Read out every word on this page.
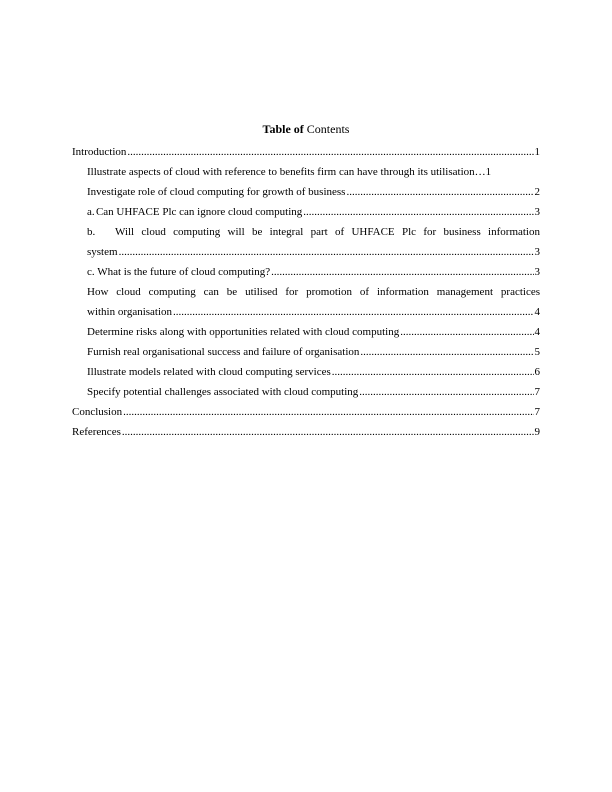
Table of Contents
Introduction .....	1
Illustrate aspects of cloud with reference to benefits firm can have through its utilisation … 1
Investigate role of cloud computing for growth of business .....	2
a. Can UHFACE Plc can ignore cloud computing .....	3
b. Will cloud computing will be integral part of UHFACE Plc for business information
system .....	3
c. What is the future of cloud computing? .....	3
How cloud computing can be utilised for promotion of information management practices
within organisation .....	4
Determine risks along with opportunities related with cloud computing .....	4
Furnish real organisational success and failure of organisation .....	5
Illustrate models related with cloud computing services .....	6
Specify potential challenges associated with cloud computing .....	7
Conclusion .....	7
References .....	9
